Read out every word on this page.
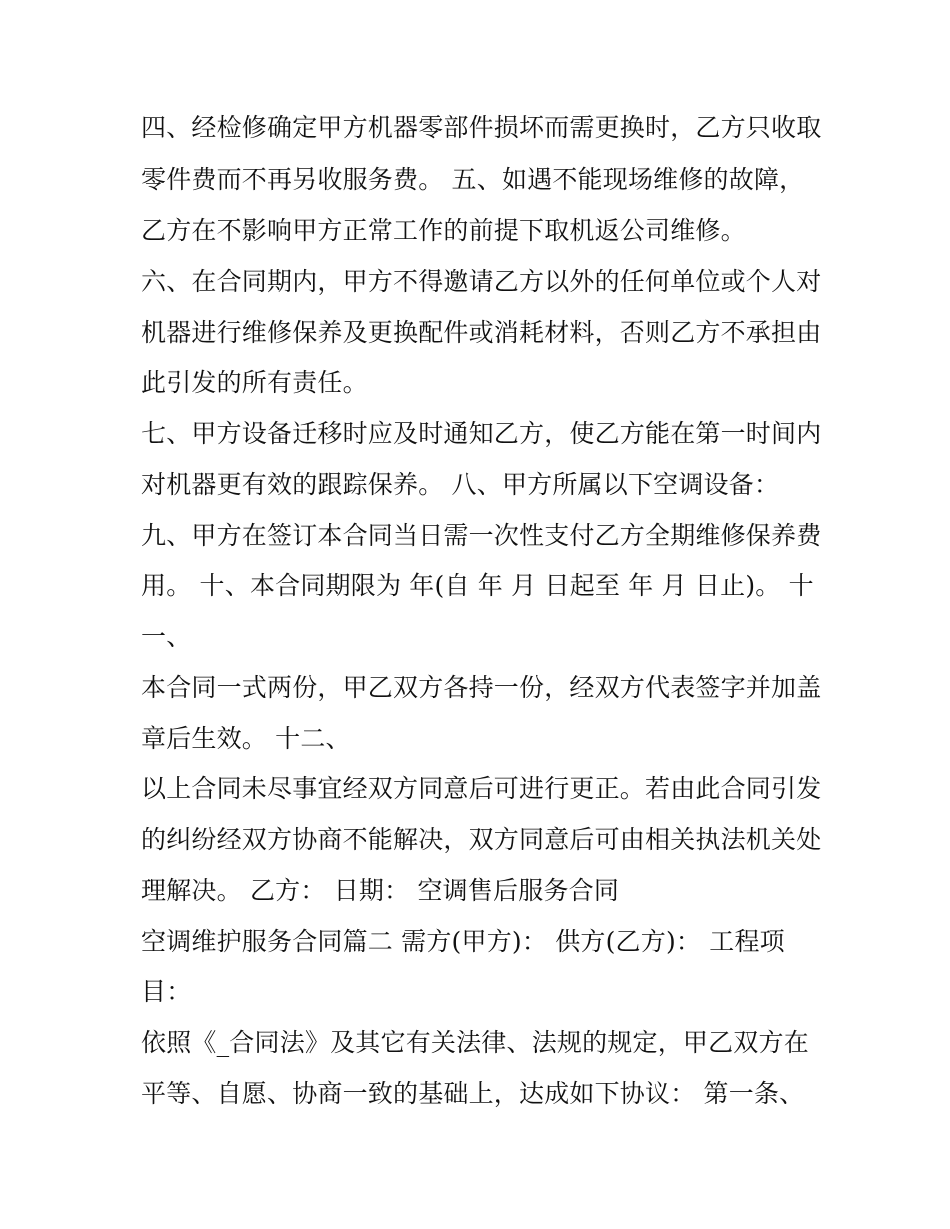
四、经检修确定甲方机器零部件损坏而需更换时，乙方只收取
零件费而不再另收服务费。 五、如遇不能现场维修的故障，
乙方在不影响甲方正常工作的前提下取机返公司维修。
六、在合同期内，甲方不得邀请乙方以外的任何单位或个人对
机器进行维修保养及更换配件或消耗材料，否则乙方不承担由
此引发的所有责任。
七、甲方设备迁移时应及时通知乙方，使乙方能在第一时间内
对机器更有效的跟踪保养。 八、甲方所属以下空调设备：
九、甲方在签订本合同当日需一次性支付乙方全期维修保养费
用。 十、本合同期限为 年(自 年 月 日起至 年 月 日止)。 十
一、
本合同一式两份，甲乙双方各持一份，经双方代表签字并加盖
章后生效。 十二、
以上合同未尽事宜经双方同意后可进行更正。若由此合同引发
的纠纷经双方协商不能解决，双方同意后可由相关执法机关处
理解决。 乙方： 日期： 空调售后服务合同
空调维护服务合同篇二 需方(甲方)： 供方(乙方)： 工程项
目：
依照《_合同法》及其它有关法律、法规的规定，甲乙双方在
平等、自愿、协商一致的基础上，达成如下协议： 第一条、
